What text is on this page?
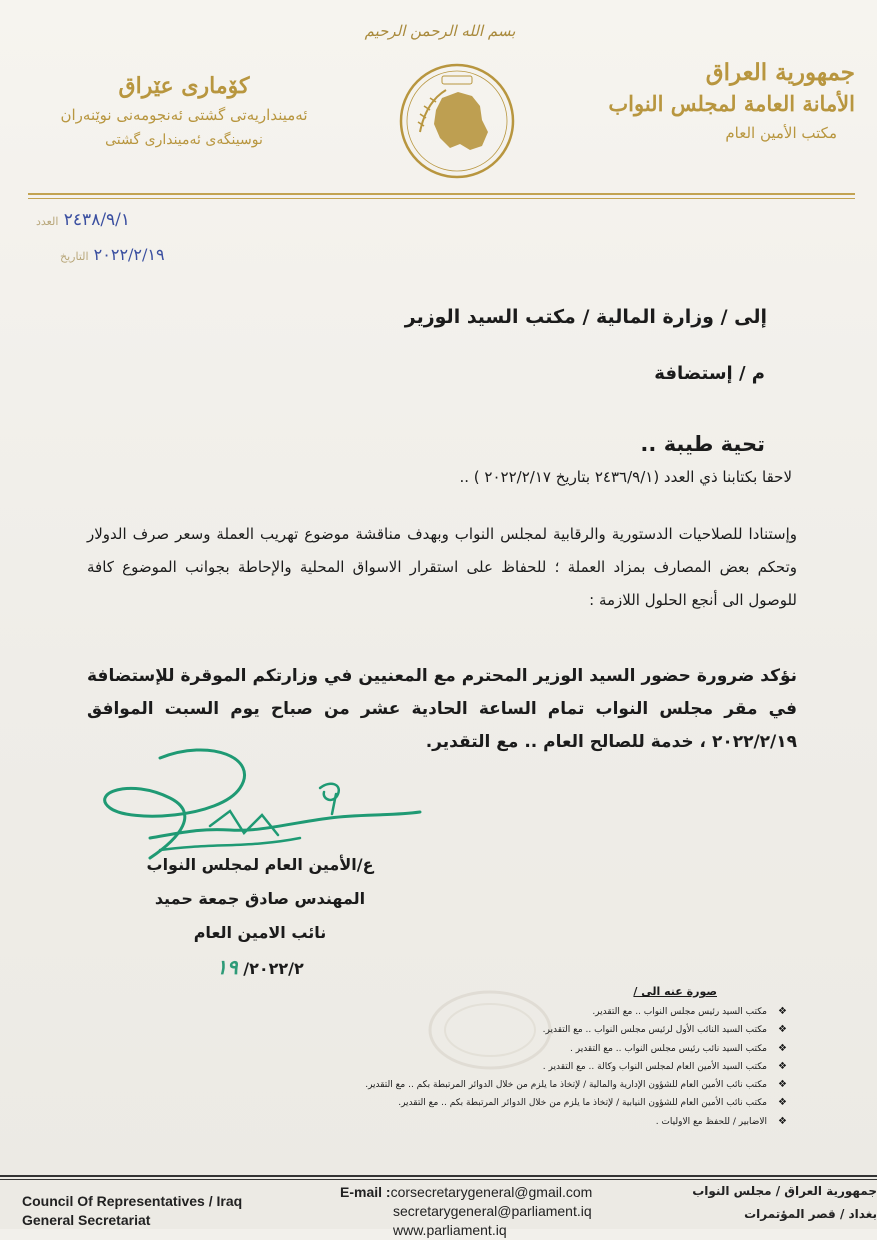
بسم الله الرحمن الرحيم
جمهورية العراق
الأمانة العامة لمجلس النواب
مكتب الأمين العام
كۆماری عێراق
ئەمینداریەتی گشتی ئەنجومەنی نوێنەران
نوسینگەی ئەمینداری گشتی
٢٤٣٨/٩/١ العدد
٢٠٢٢/٢/١٩ التاريخ
إلى / وزارة المالية / مكتب السيد الوزير
م / إستضافة
تحية طيبة ..
لاحقا بكتابنا ذي العدد (٢٤٣٦/٩/١ بتاريخ ٢٠٢٢/٢/١٧ ) ..
وإستنادا للصلاحيات الدستورية والرقابية لمجلس النواب وبهدف مناقشة موضوع تهريب العملة وسعر صرف الدولار وتحكم بعض المصارف بمزاد العملة ؛ للحفاظ على استقرار الاسواق المحلية والإحاطة بجوانب الموضوع كافة للوصول الى أنجع الحلول اللازمة :
نؤكد ضرورة حضور السيد الوزير المحترم مع المعنيين في وزارتكم الموقرة للإستضافة في مقر مجلس النواب تمام الساعة الحادية عشر من صباح يوم السبت الموافق ٢٠٢٢/٢/١٩ ، خدمة للصالح العام .. مع التقدير.
ع/الأمين العام لمجلس النواب
المهندس صادق جمعة حميد
نائب الامين العام
٢٠٢٢/٢/ ١٩
صورة عنه الى /
❖مكتب السيد رئيس مجلس النواب .. مع التقدير.
❖مكتب السيد النائب الأول لرئيس مجلس النواب .. مع التقدير.
❖مكتب السيد نائب رئيس مجلس النواب .. مع التقدير .
❖مكتب السيد الأمين العام لمجلس النواب وكالة .. مع التقدير .
❖مكتب نائب الأمين العام للشؤون الإدارية والمالية / لإتخاذ ما يلزم من خلال الدوائر المرتبطة بكم .. مع التقدير.
❖مكتب نائب الأمين العام للشؤون النيابية / لإتخاذ ما يلزم من خلال الدوائر المرتبطة بكم .. مع التقدير.
❖الاضابير / للحفظ مع الاوليات .
Council Of Representatives / Iraq
General Secretariat
E-mail :corsecretarygeneral@gmail.com
secretarygeneral@parliament.iq
www.parliament.iq
جمهورية العراق / مجلس النواب
بغداد / قصر المؤتمرات
